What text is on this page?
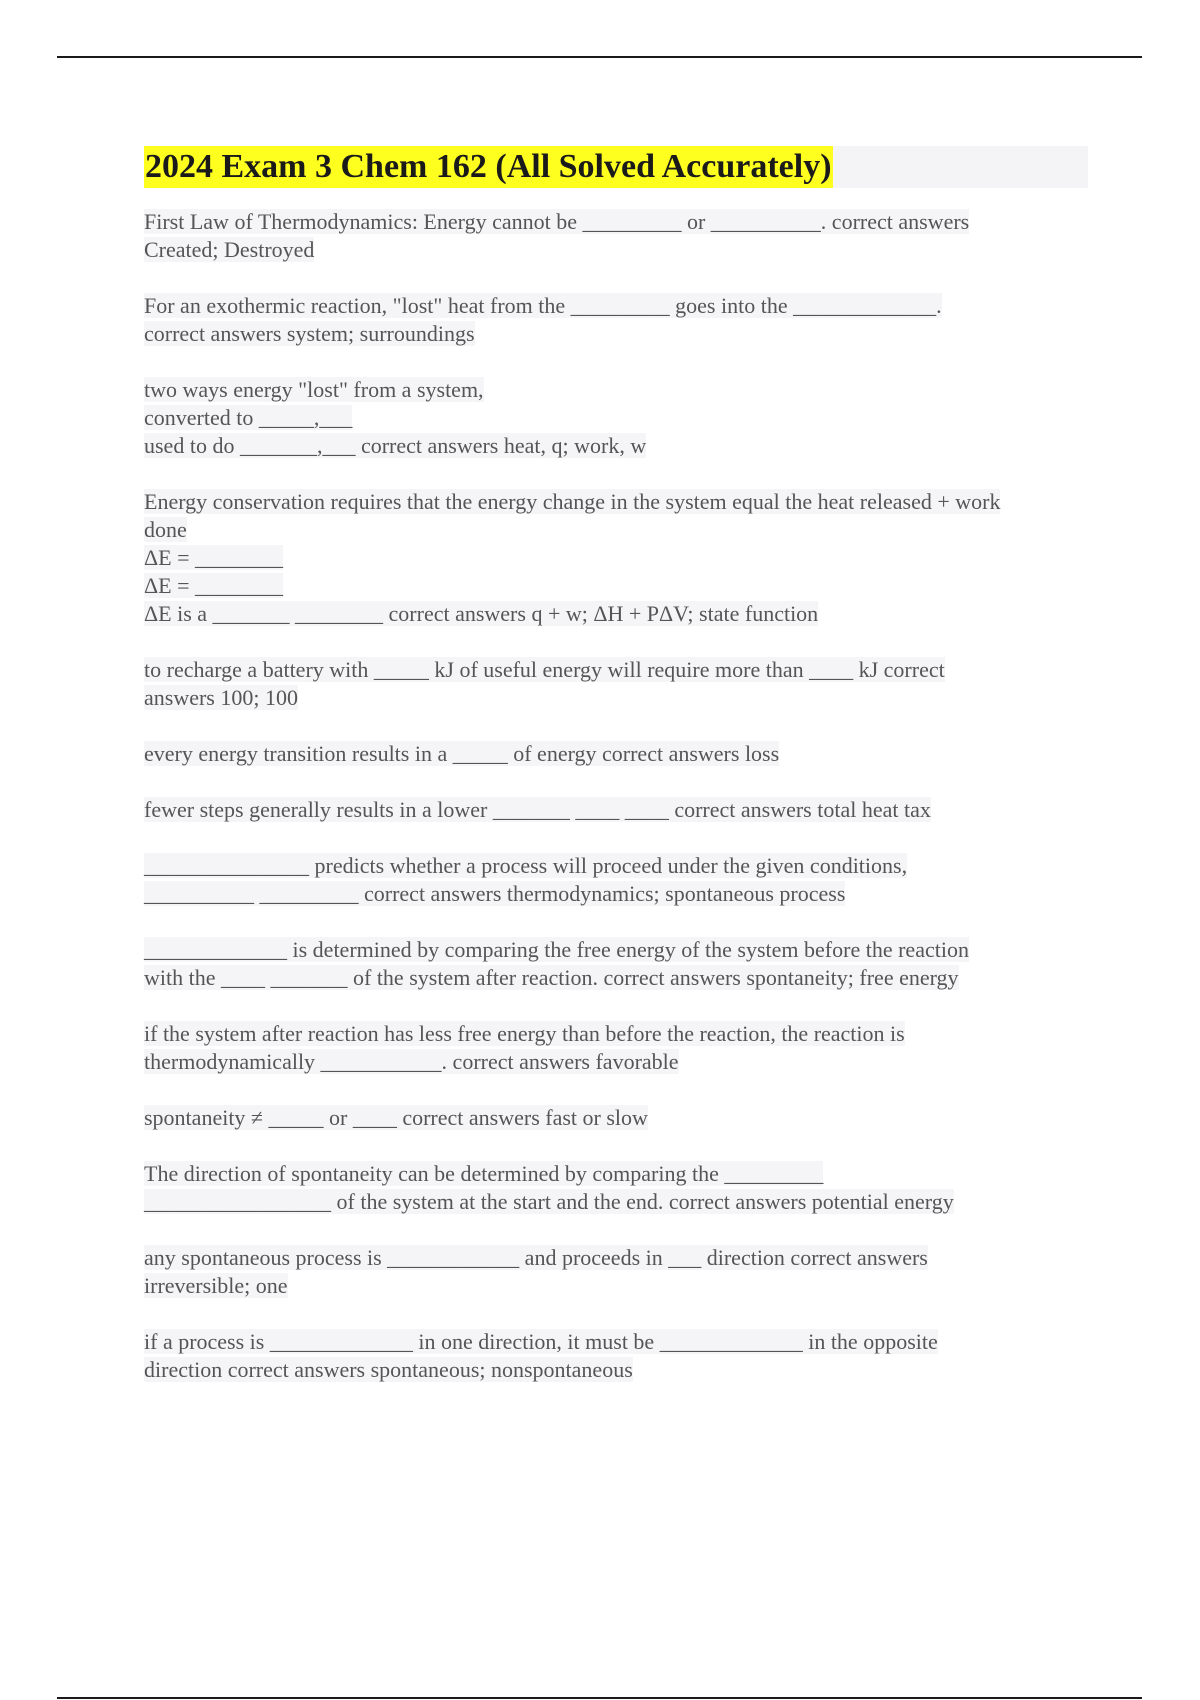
2024 Exam 3 Chem 162 (All Solved Accurately)
First Law of Thermodynamics: Energy cannot be _________ or __________. correct answers
Created; Destroyed
For an exothermic reaction, "lost" heat from the _________ goes into the _____________.
correct answers system; surroundings
two ways energy "lost" from a system,
converted to _____,___
used to do _______,___ correct answers heat, q; work, w
Energy conservation requires that the energy change in the system equal the heat released + work
done
ΔE = ________
ΔE = ________
ΔE is a _______ ________ correct answers q + w; ΔH + PΔV; state function
to recharge a battery with _____ kJ of useful energy will require more than ____ kJ correct
answers 100; 100
every energy transition results in a _____ of energy correct answers loss
fewer steps generally results in a lower _______ ____ ____ correct answers total heat tax
_______________ predicts whether a process will proceed under the given conditions,
__________ _________ correct answers thermodynamics; spontaneous process
_____________ is determined by comparing the free energy of the system before the reaction
with the ____ _______ of the system after reaction. correct answers spontaneity; free energy
if the system after reaction has less free energy than before the reaction, the reaction is
thermodynamically ___________. correct answers favorable
spontaneity ≠ _____ or ____ correct answers fast or slow
The direction of spontaneity can be determined by comparing the _________
_________________ of the system at the start and the end. correct answers potential energy
any spontaneous process is ____________ and proceeds in ___ direction correct answers
irreversible; one
if a process is _____________ in one direction, it must be _____________ in the opposite
direction correct answers spontaneous; nonspontaneous
